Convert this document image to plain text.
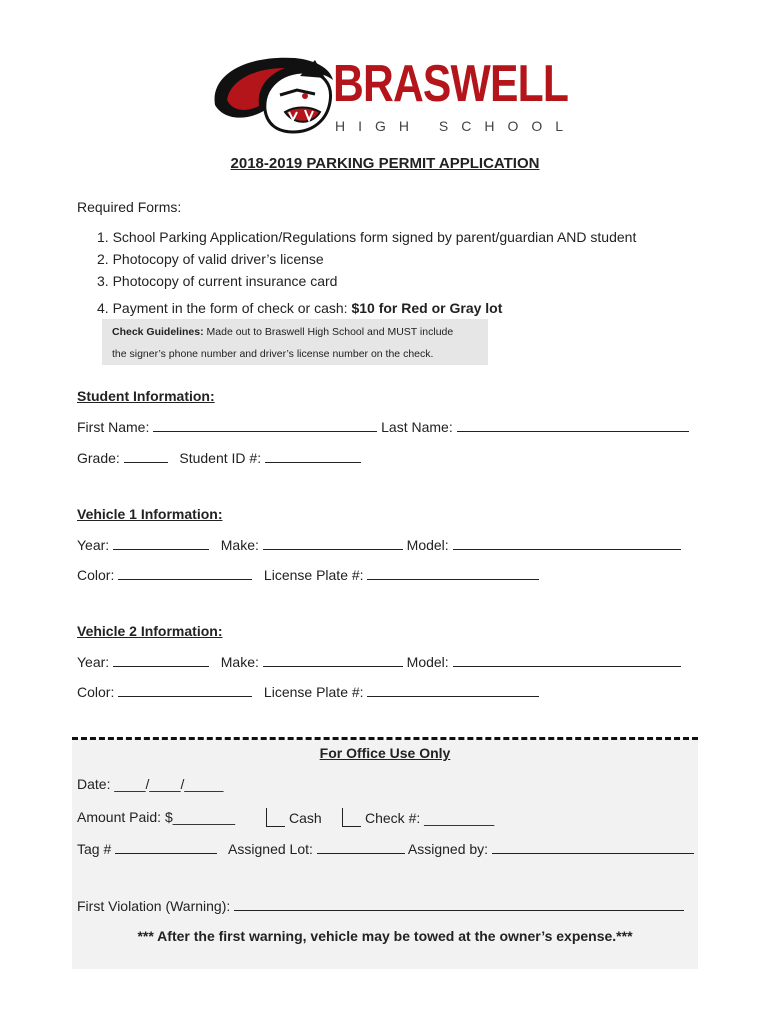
BRASWELL
HIGH SCHOOL
2018-2019 PARKING PERMIT APPLICATION
Required Forms:
1. School Parking Application/Regulations form signed by parent/guardian AND student
2. Photocopy of valid driver’s license
3. Photocopy of current insurance card
4. Payment in the form of check or cash: $10 for Red or Gray lot
Check Guidelines: Made out to Braswell High School and MUST include
the signer’s phone number and driver’s license number on the check.
Student Information:
First Name:	Last Name:
Grade:	Student ID #:
Vehicle 1 Information:
Year:	Make:	Model:
Color:	License Plate #:
Vehicle 2 Information:
Year:	Make:	Model:
Color:	License Plate #:
For Office Use Only
Date: ____/____/_____
Amount Paid: $________	Cash	Check #: _________
Tag #	Assigned Lot:	Assigned by:
First Violation (Warning):
*** After the first warning, vehicle may be towed at the owner’s expense.***
